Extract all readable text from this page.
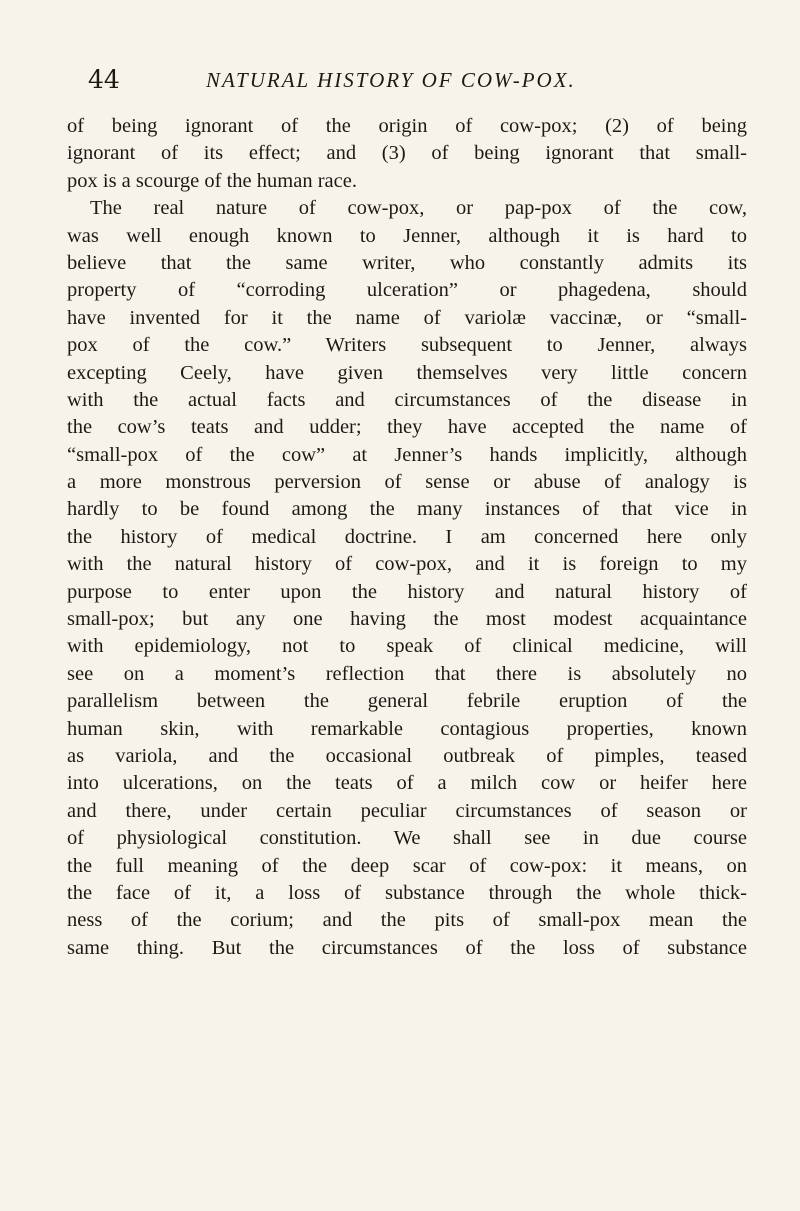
44	NATURAL HISTORY OF COW-POX.
of being ignorant of the origin of cow-pox; (2) of being
ignorant of its effect; and (3) of being ignorant that small-
pox is a scourge of the human race.
The real nature of cow-pox, or pap-pox of the cow,
was well enough known to Jenner, although it is hard to
believe that the same writer, who constantly admits its
property of “corroding ulceration” or phagedena, should
have invented for it the name of variolæ vaccinæ, or “small-
pox of the cow.” Writers subsequent to Jenner, always
excepting Ceely, have given themselves very little concern
with the actual facts and circumstances of the disease in
the cow’s teats and udder; they have accepted the name of
“small-pox of the cow” at Jenner’s hands implicitly, although
a more monstrous perversion of sense or abuse of analogy is
hardly to be found among the many instances of that vice in
the history of medical doctrine. I am concerned here only
with the natural history of cow-pox, and it is foreign to my
purpose to enter upon the history and natural history of
small-pox; but any one having the most modest acquaintance
with epidemiology, not to speak of clinical medicine, will
see on a moment’s reflection that there is absolutely no
parallelism between the general febrile eruption of the
human skin, with remarkable contagious properties, known
as variola, and the occasional outbreak of pimples, teased
into ulcerations, on the teats of a milch cow or heifer here
and there, under certain peculiar circumstances of season or
of physiological constitution. We shall see in due course
the full meaning of the deep scar of cow-pox: it means, on
the face of it, a loss of substance through the whole thick-
ness of the corium; and the pits of small-pox mean the
same thing. But the circumstances of the loss of substance
